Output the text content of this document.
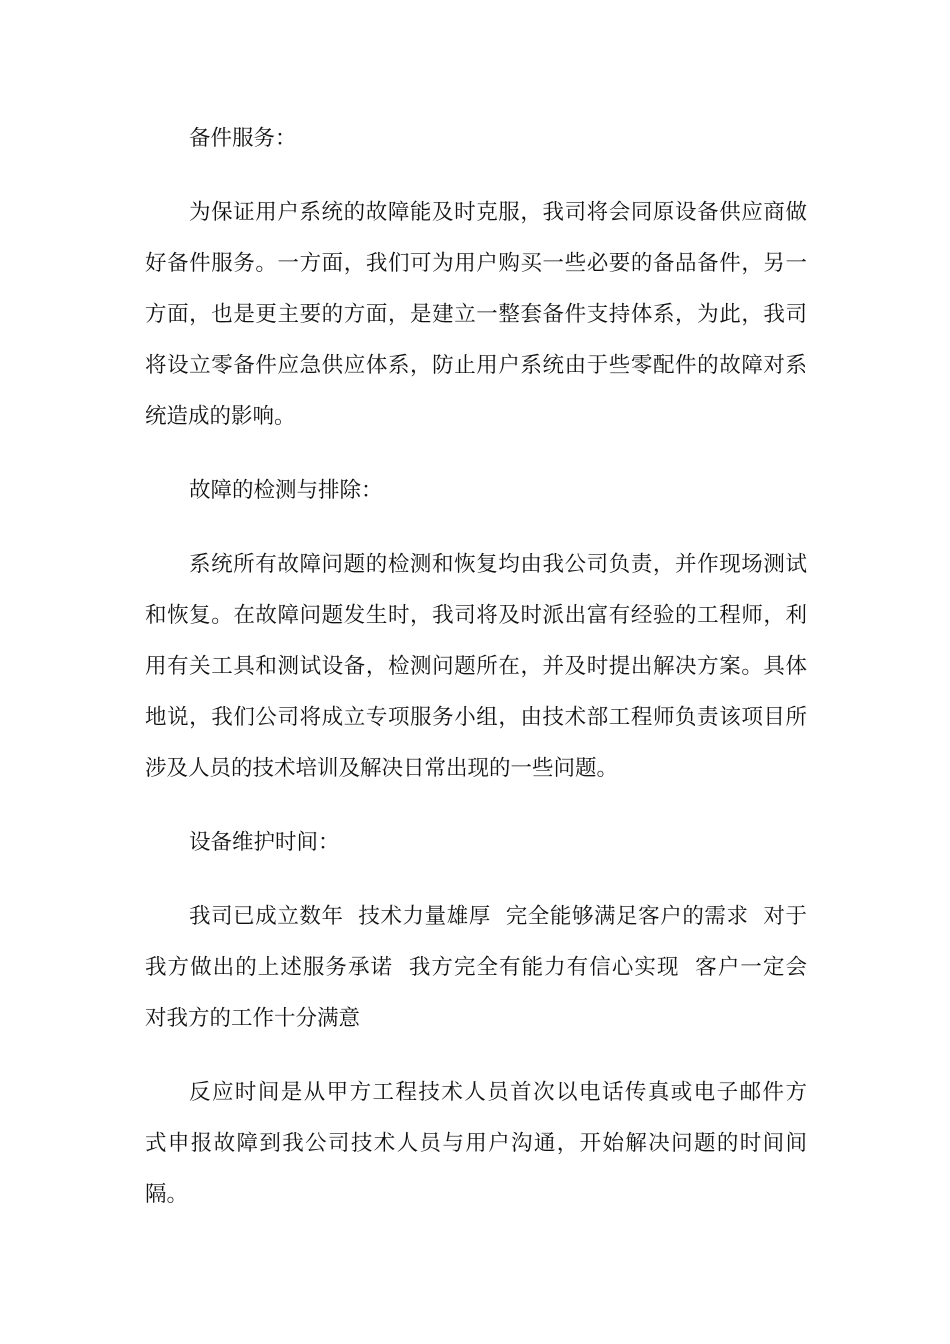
备件服务：

为保证用户系统的故障能及时克服，我司将会同原设备供应商做
好备件服务。一方面，我们可为用户购买一些必要的备品备件，另一
方面，也是更主要的方面，是建立一整套备件支持体系，为此，我司
将设立零备件应急供应体系，防止用户系统由于些零配件的故障对系
统造成的影响。

故障的检测与排除：

系统所有故障问题的检测和恢复均由我公司负责，并作现场测试
和恢复。在故障问题发生时，我司将及时派出富有经验的工程师，利
用有关工具和测试设备，检测问题所在，并及时提出解决方案。具体
地说，我们公司将成立专项服务小组，由技术部工程师负责该项目所
涉及人员的技术培训及解决日常出现的一些问题。

设备维护时间：

我司已成立数年  技术力量雄厚  完全能够满足客户的需求  对于
我方做出的上述服务承诺  我方完全有能力有信心实现  客户一定会
对我方的工作十分满意
反应时间是从甲方工程技术人员首次以电话传真或电子邮件方
式申报故障到我公司技术人员与用户沟通，开始解决问题的时间间
隔。
